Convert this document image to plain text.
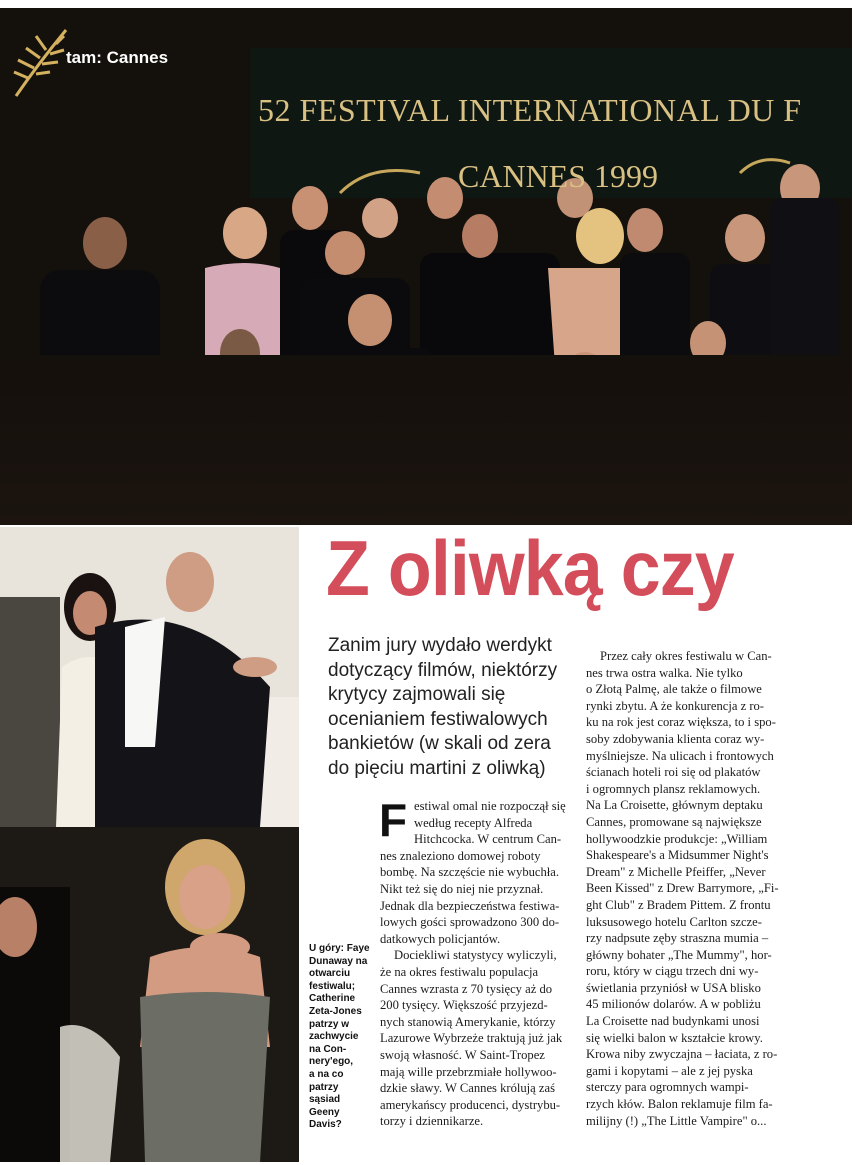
tam: Cannes
52 FESTIVAL INTERNATIONAL DU F
CANNES 1999
U góry: Faye
Dunaway na
otwarciu
festiwalu;
Catherine
Zeta-Jones
patrzy w
zachwycie
na Con-
nery'ego,
a na co
patrzy
sąsiad
Geeny
Davis?
Z oliwką czy
Zanim jury wydało werdykt
dotyczący filmów, niektórzy
krytycy zajmowali się
ocenianiem festiwalowych
bankietów (w skali od zera
do pięciu martini z oliwką)
F estiwal omal nie rozpoczął się
według recepty Alfreda
Hitchcocka. W centrum Can-
nes znaleziono domowej roboty
bombę. Na szczęście nie wybuchła.
Nikt też się do niej nie przyznał.
Jednak dla bezpieczeństwa festiwa-
lowych gości sprowadzono 300 do-
datkowych policjantów.
Dociekliwi statystycy wyliczyli,
że na okres festiwalu populacja
Cannes wzrasta z 70 tysięcy aż do
200 tysięcy. Większość przyjezd-
nych stanowią Amerykanie, którzy
Lazurowe Wybrzeże traktują już jak
swoją własność. W Saint-Tropez
mają wille przebrzmiałe hollywoo-
dzkie sławy. W Cannes królują zaś
amerykańscy producenci, dystrybu-
torzy i dziennikarze.
Przez cały okres festiwalu w Can-
nes trwa ostra walka. Nie tylko
o Złotą Palmę, ale także o filmowe
rynki zbytu. A że konkurencja z ro-
ku na rok jest coraz większa, to i spo-
soby zdobywania klienta coraz wy-
myślniejsze. Na ulicach i frontowych
ścianach hoteli roi się od plakatów
i ogromnych plansz reklamowych.
Na La Croisette, głównym deptaku
Cannes, promowane są największe
hollywoodzkie produkcje: „William
Shakespeare's a Midsummer Night's
Dream" z Michelle Pfeiffer, „Never
Been Kissed" z Drew Barrymore, „Fi-
ght Club" z Bradem Pittem. Z frontu
luksusowego hotelu Carlton szcze-
rzy nadpsute zęby straszna mumia –
główny bohater „The Mummy", hor-
roru, który w ciągu trzech dni wy-
świetlania przyniósł w USA blisko
45 milionów dolarów. A w pobliżu
La Croisette nad budynkami unosi
się wielki balon w kształcie krowy.
Krowa niby zwyczajna – łaciata, z ro-
gami i kopytami – ale z jej pyska
sterczy para ogromnych wampi-
rzych kłów. Balon reklamuje film fa-
milijny (!) „The Little Vampire" o...
